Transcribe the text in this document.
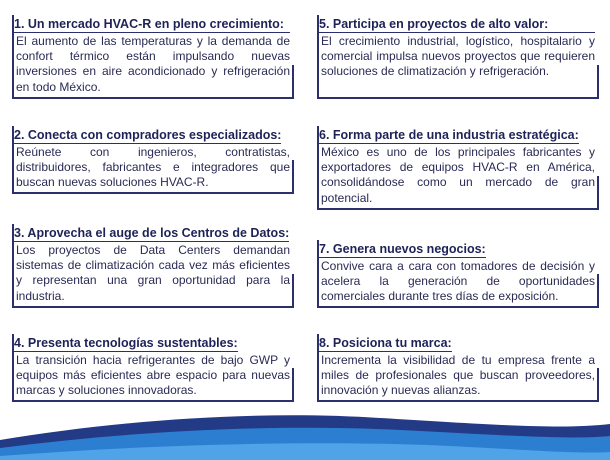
1. Un mercado HVAC-R en pleno crecimiento:

El aumento de las temperaturas y la demanda de confort térmico están impulsando nuevas inversiones en aire acondicionado y refrigeración en todo México.

2. Conecta con compradores especializados:

Reúnete con ingenieros, contratistas, distribuidores, fabricantes e integradores que buscan nuevas soluciones HVAC-R.

3. Aprovecha el auge de los Centros de Datos:

Los proyectos de Data Centers demandan sistemas de climatización cada vez más eficientes y representan una gran oportunidad para la industria.

4. Presenta tecnologías sustentables:

La transición hacia refrigerantes de bajo GWP y equipos más eficientes abre espacio para nuevas marcas y soluciones innovadoras.

5. Participa en proyectos de alto valor:

El crecimiento industrial, logístico, hospitalario y comercial impulsa nuevos proyectos que requieren soluciones de climatización y refrigeración.

6. Forma parte de una industria estratégica:

México es uno de los principales fabricantes y exportadores de equipos HVAC-R en América, consolidándose como un mercado de gran potencial.

7. Genera nuevos negocios:

Convive cara a cara con tomadores de decisión y acelera la generación de oportunidades comerciales durante tres días de exposición.

8. Posiciona tu marca:

Incrementa la visibilidad de tu empresa frente a miles de profesionales que buscan proveedores, innovación y nuevas alianzas.
